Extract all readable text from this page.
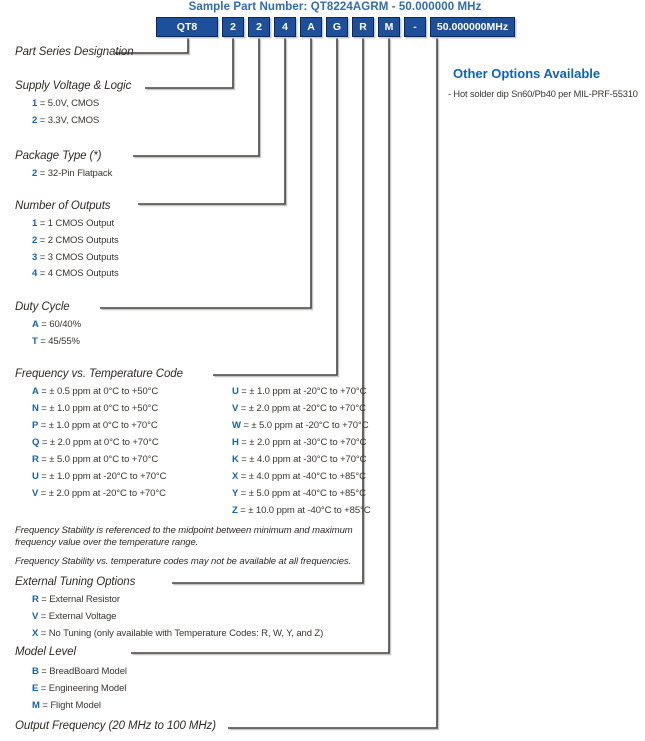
Sample Part Number: QT8224AGRM - 50.000000 MHz
QT8	2	2	4	A	G	R	M	-	50.000000MHz
Part Series Designation
Supply Voltage & Logic
1 = 5.0V, CMOS
2 = 3.3V, CMOS
Package Type (*)
2 = 32-Pin Flatpack
Number of Outputs
1 = 1 CMOS Output
2 = 2 CMOS Outputs
3 = 3 CMOS Outputs
4 = 4 CMOS Outputs
Duty Cycle
A = 60/40%
T = 45/55%
Frequency vs. Temperature Code
A = ± 0.5 ppm at 0°C to +50°C
N = ± 1.0 ppm at 0°C to +50°C
P = ± 1.0 ppm at 0°C to +70°C
Q = ± 2.0 ppm at 0°C to +70°C
R = ± 5.0 ppm at 0°C to +70°C
U = ± 1.0 ppm at -20°C to +70°C
V = ± 2.0 ppm at -20°C to +70°C
U = ± 1.0 ppm at -20°C to +70°C
V = ± 2.0 ppm at -20°C to +70°C
W = ± 5.0 ppm at -20°C to +70°C
H = ± 2.0 ppm at -30°C to +70°C
K = ± 4.0 ppm at -30°C to +70°C
X = ± 4.0 ppm at -40°C to +85°C
Y = ± 5.0 ppm at -40°C to +85°C
Z = ± 10.0 ppm at -40°C to +85°C
External Tuning Options
R = External Resistor
V = External Voltage
X = No Tuning (only available with Temperature Codes: R, W, Y, and Z)
Model Level
B = BreadBoard Model
E = Engineering Model
M = Flight Model
Output Frequency (20 MHz to 100 MHz)
Frequency Stability is referenced to the midpoint between minimum and maximum frequency value over the temperature range.
Frequency Stability vs. temperature codes may not be available at all frequencies.
Other Options Available
- Hot solder dip Sn60/Pb40 per MIL-PRF-55310
